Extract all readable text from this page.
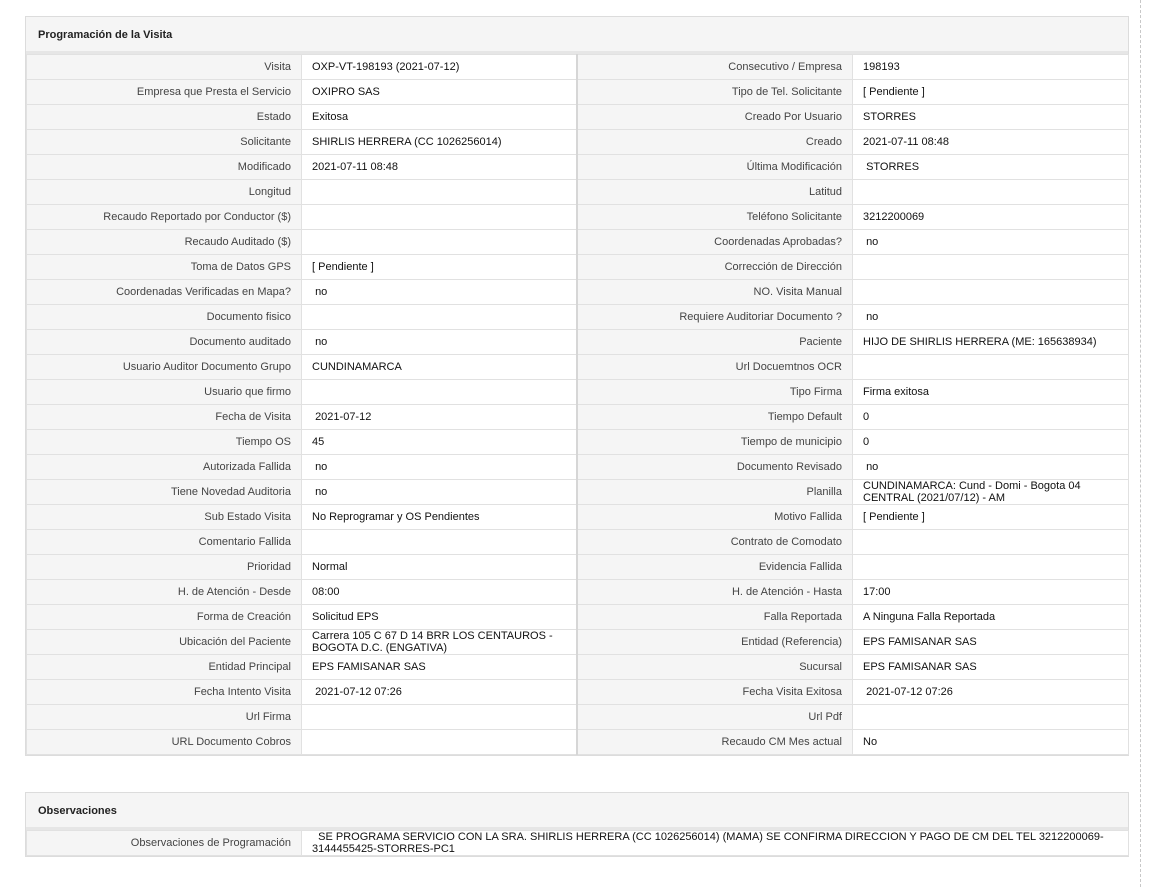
Programación de la Visita
Visita	OXP-VT-198193 (2021-07-12)	Consecutivo / Empresa	198193
Empresa que Presta el Servicio	OXIPRO SAS	Tipo de Tel. Solicitante	[ Pendiente ]
Estado	Exitosa	Creado Por Usuario	STORRES
Solicitante	SHIRLIS HERRERA (CC 1026256014)	Creado	2021-07-11 08:48
Modificado	2021-07-11 08:48	Última Modificación	STORRES
Longitud		Latitud	
Recaudo Reportado por Conductor ($)		Teléfono Solicitante	3212200069
Recaudo Auditado ($)		Coordenadas Aprobadas?	no
Toma de Datos GPS	[ Pendiente ]	Corrección de Dirección	
Coordenadas Verificadas en Mapa?	no	NO. Visita Manual	
Documento fisico		Requiere Auditoriar Documento ?	no
Documento auditado	no	Paciente	HIJO DE SHIRLIS HERRERA (ME: 165638934)
Usuario Auditor Documento Grupo	CUNDINAMARCA	Url Docuemtnos OCR	
Usuario que firmo		Tipo Firma	Firma exitosa
Fecha de Visita	2021-07-12	Tiempo Default	0
Tiempo OS	45	Tiempo de municipio	0
Autorizada Fallida	no	Documento Revisado	no
Tiene Novedad Auditoria	no	Planilla	CUNDINAMARCA: Cund - Domi - Bogota 04 CENTRAL (2021/07/12) - AM
Sub Estado Visita	No Reprogramar y OS Pendientes	Motivo Fallida	[ Pendiente ]
Comentario Fallida		Contrato de Comodato	
Prioridad	Normal	Evidencia Fallida	
H. de Atención - Desde	08:00	H. de Atención - Hasta	17:00
Forma de Creación	Solicitud EPS	Falla Reportada	A Ninguna Falla Reportada
Ubicación del Paciente	Carrera 105 C 67 D 14 BRR LOS CENTAUROS - BOGOTA D.C. (ENGATIVA)	Entidad (Referencia)	EPS FAMISANAR SAS
Entidad Principal	EPS FAMISANAR SAS	Sucursal	EPS FAMISANAR SAS
Fecha Intento Visita	2021-07-12 07:26	Fecha Visita Exitosa	2021-07-12 07:26
Url Firma		Url Pdf	
URL Documento Cobros		Recaudo CM Mes actual	No
Observaciones
Observaciones de Programación	SE PROGRAMA SERVICIO CON LA SRA. SHIRLIS HERRERA (CC 1026256014) (MAMA) SE CONFIRMA DIRECCION Y PAGO DE CM DEL TEL 3212200069-3144455425-STORRES-PC1
